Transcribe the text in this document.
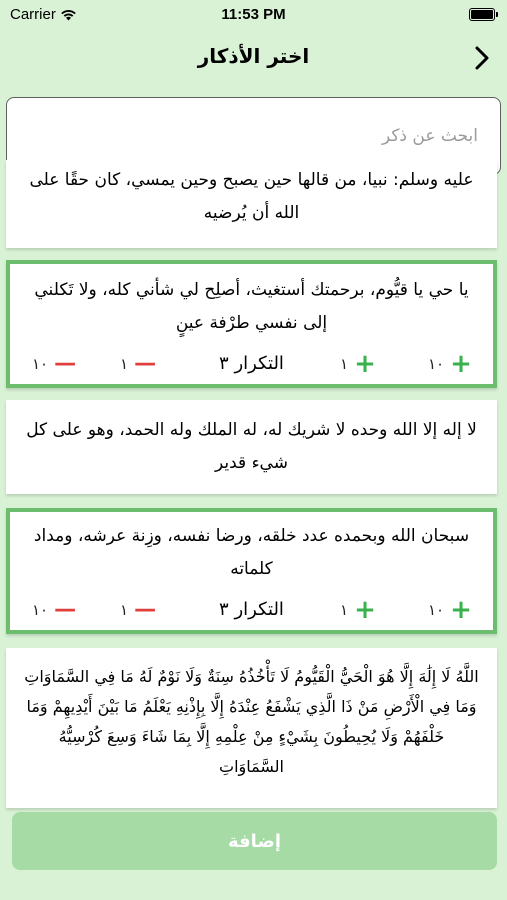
Carrier	11:53 PM
اختر الأذكار
ابحث عن ذكر
عليه وسلم: نبيا، من قالها حين يصبح وحين يمسي، كان حقًا على الله أن يُرضيه
يا حي يا قيُّوم، برحمتك أستغيث، أصلِح لي شأني كله، ولا تَكلني إلى نفسي طرْفة عينٍ
١٠ —	١ —	التكرار ٣	١ +	١٠ +
لا إله إلا الله وحده لا شريك له، له الملك وله الحمد، وهو على كل شيء قدير
سبحان الله وبحمده عدد خلقه، ورضا نفسه، وزِنة عرشه، ومداد كلماته
١٠ —	١ —	التكرار ٣	١ +	١٠ +
اللَّهُ لَا إِلَٰهَ إِلَّا هُوَ الْحَيُّ الْقَيُّومُ لَا تَأْخُذُهُ سِنَةٌ وَلَا نَوْمٌ لَهُ مَا فِي السَّمَاوَاتِ وَمَا فِي الْأَرْضِ مَنْ ذَا الَّذِي يَشْفَعُ عِنْدَهُ إِلَّا بِإِذْنِهِ يَعْلَمُ مَا بَيْنَ أَيْدِيهِمْ وَمَا خَلْفَهُمْ وَلَا يُحِيطُونَ بِشَيْءٍ مِنْ عِلْمِهِ إِلَّا بِمَا شَاءَ وَسِعَ كُرْسِيُّهُ السَّمَاوَاتِ
إضافة
